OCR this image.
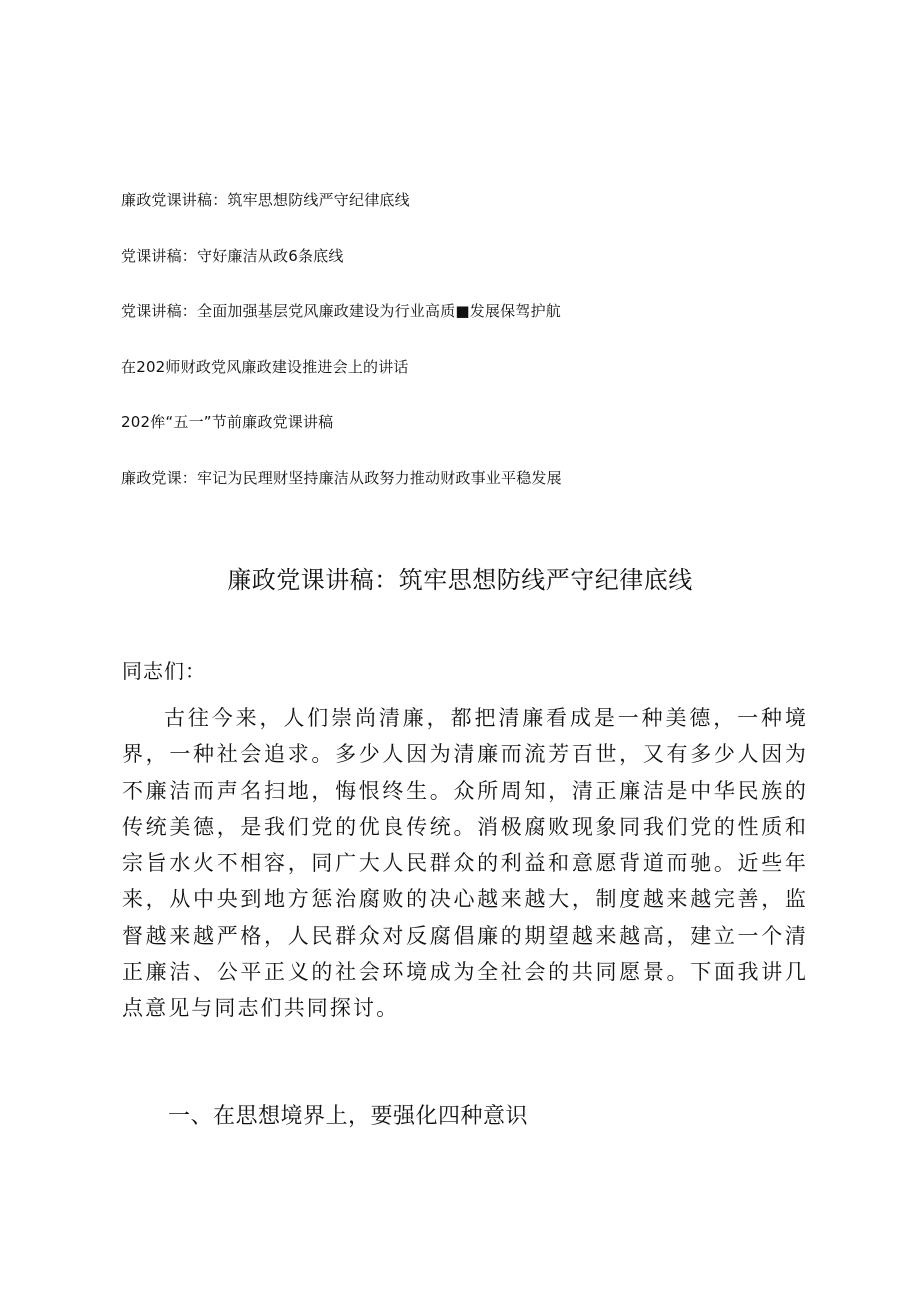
廉政党课讲稿：筑牢思想防线严守纪律底线

党课讲稿：守好廉洁从政6条底线

党课讲稿：全面加强基层党风廉政建设为行业高质■发展保驾护航

在202师财政党风廉政建设推进会上的讲话

202侔“五一”节前廉政党课讲稿

廉政党课：牢记为民理财坚持廉洁从政努力推动财政事业平稳发展

廉政党课讲稿：筑牢思想防线严守纪律底线

同志们：

古往今来，人们崇尚清廉，都把清廉看成是一种美德，一种境界，一种社会追求。多少人因为清廉而流芳百世，又有多少人因为不廉洁而声名扫地，悔恨终生。众所周知，清正廉洁是中华民族的传统美德，是我们党的优良传统。消极腐败现象同我们党的性质和宗旨水火不相容，同广大人民群众的利益和意愿背道而驰。近些年来，从中央到地方惩治腐败的决心越来越大，制度越来越完善，监督越来越严格，人民群众对反腐倡廉的期望越来越高，建立一个清正廉洁、公平正义的社会环境成为全社会的共同愿景。下面我讲几点意见与同志们共同探讨。

一、在思想境界上，要强化四种意识
